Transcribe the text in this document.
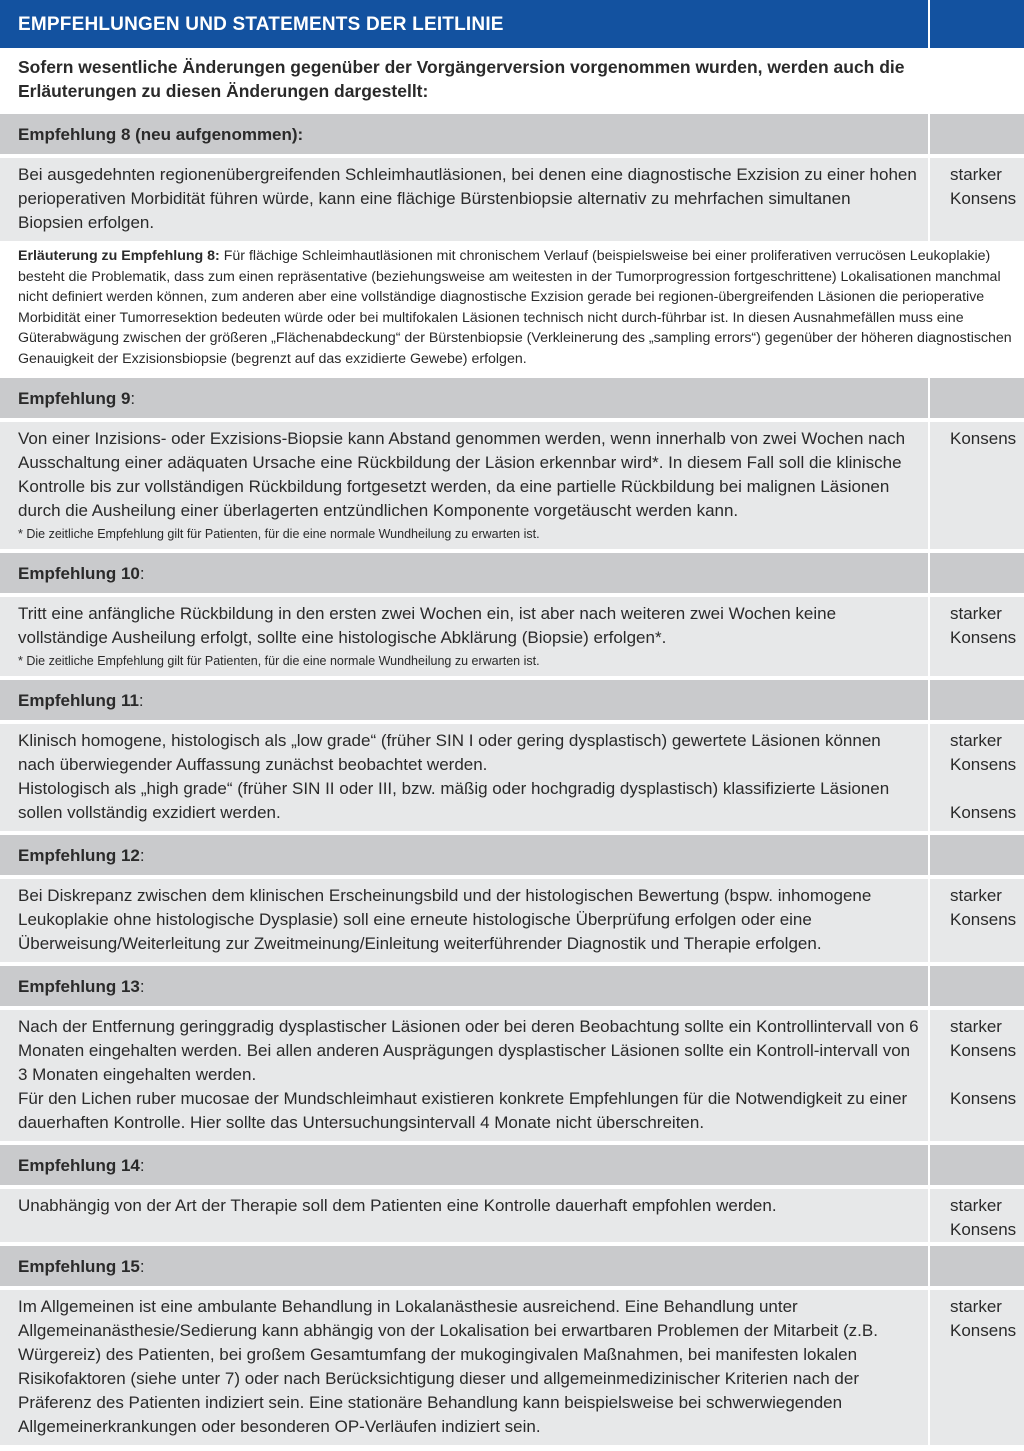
EMPFEHLUNGEN UND STATEMENTS DER LEITLINIE
Sofern wesentliche Änderungen gegenüber der Vorgängerversion vorgenommen wurden, werden auch die Erläuterungen zu diesen Änderungen dargestellt:
Empfehlung 8 (neu aufgenommen):

Bei ausgedehnten regionenübergreifenden Schleimhautläsionen, bei denen eine diagnostische Exzision zu einer hohen perioperativen Morbidität führen würde, kann eine flächige Bürstenbiopsie alternativ zu mehrfachen simultanen Biopsien erfolgen.

starker
Konsens
Erläuterung zu Empfehlung 8: Für flächige Schleimhautläsionen mit chronischem Verlauf (beispielsweise bei einer proliferativen verrucösen Leukoplakie) besteht die Problematik, dass zum einen repräsentative (beziehungsweise am weitesten in der Tumorprogression fortgeschrittene) Lokalisationen manchmal nicht definiert werden können, zum anderen aber eine vollständige diagnostische Exzision gerade bei regionen-übergreifenden Läsionen die perioperative Morbidität einer Tumorresektion bedeuten würde oder bei multifokalen Läsionen technisch nicht durch-führbar ist. In diesen Ausnahmefällen muss eine Güterabwägung zwischen der größeren „Flächenabdeckung“ der Bürstenbiopsie (Verkleinerung des „sampling errors“) gegenüber der höheren diagnostischen Genauigkeit der Exzisionsbiopsie (begrenzt auf das exzidierte Gewebe) erfolgen.
Empfehlung 9:

Von einer Inzisions- oder Exzisions-Biopsie kann Abstand genommen werden, wenn innerhalb von zwei Wochen nach Ausschaltung einer adäquaten Ursache eine Rückbildung der Läsion erkennbar wird*. In diesem Fall soll die klinische Kontrolle bis zur vollständigen Rückbildung fortgesetzt werden, da eine partielle Rückbildung bei malignen Läsionen durch die Ausheilung einer überlagerten entzündlichen Komponente vorgetäuscht werden kann.

* Die zeitliche Empfehlung gilt für Patienten, für die eine normale Wundheilung zu erwarten ist.
Konsens
Empfehlung 10:

Tritt eine anfängliche Rückbildung in den ersten zwei Wochen ein, ist aber nach weiteren zwei Wochen keine vollständige Ausheilung erfolgt, sollte eine histologische Abklärung (Biopsie) erfolgen*.

* Die zeitliche Empfehlung gilt für Patienten, für die eine normale Wundheilung zu erwarten ist.
starker
Konsens
Empfehlung 11:

Klinisch homogene, histologisch als „low grade“ (früher SIN I oder gering dysplastisch) gewertete Läsionen können nach überwiegender Auffassung zunächst beobachtet werden.

Histologisch als „high grade“ (früher SIN II oder III, bzw. mäßig oder hochgradig dysplastisch) klassifizierte Läsionen sollen vollständig exzidiert werden.

starker
Konsens
Konsens
Empfehlung 12:

Bei Diskrepanz zwischen dem klinischen Erscheinungsbild und der histologischen Bewertung (bspw. inhomogene Leukoplakie ohne histologische Dysplasie) soll eine erneute histologische Überprüfung erfolgen oder eine Überweisung/Weiterleitung zur Zweitmeinung/Einleitung weiterführender Diagnostik und Therapie erfolgen.

starker
Konsens
Empfehlung 13:

Nach der Entfernung geringgradig dysplastischer Läsionen oder bei deren Beobachtung sollte ein Kontrollintervall von 6 Monaten eingehalten werden. Bei allen anderen Ausprägungen dysplastischer Läsionen sollte ein Kontroll-intervall von 3 Monaten eingehalten werden.

Für den Lichen ruber mucosae der Mundschleimhaut existieren konkrete Empfehlungen für die Notwendigkeit zu einer dauerhaften Kontrolle. Hier sollte das Untersuchungsintervall 4 Monate nicht überschreiten.

starker
Konsens
Konsens
Empfehlung 14:

Unabhängig von der Art der Therapie soll dem Patienten eine Kontrolle dauerhaft empfohlen werden.	starker
Konsens
Empfehlung 15:

Im Allgemeinen ist eine ambulante Behandlung in Lokalanästhesie ausreichend. Eine Behandlung unter Allgemeinanästhesie/Sedierung kann abhängig von der Lokalisation bei erwartbaren Problemen der Mitarbeit (z.B. Würgereiz) des Patienten, bei großem Gesamtumfang der mukogingivalen Maßnahmen, bei manifesten lokalen Risikofaktoren (siehe unter 7) oder nach Berücksichtigung dieser und allgemeinmedizinischer Kriterien nach der Präferenz des Patienten indiziert sein. Eine stationäre Behandlung kann beispielsweise bei schwerwiegenden Allgemeinerkrankungen oder besonderen OP-Verläufen indiziert sein.

starker
Konsens
